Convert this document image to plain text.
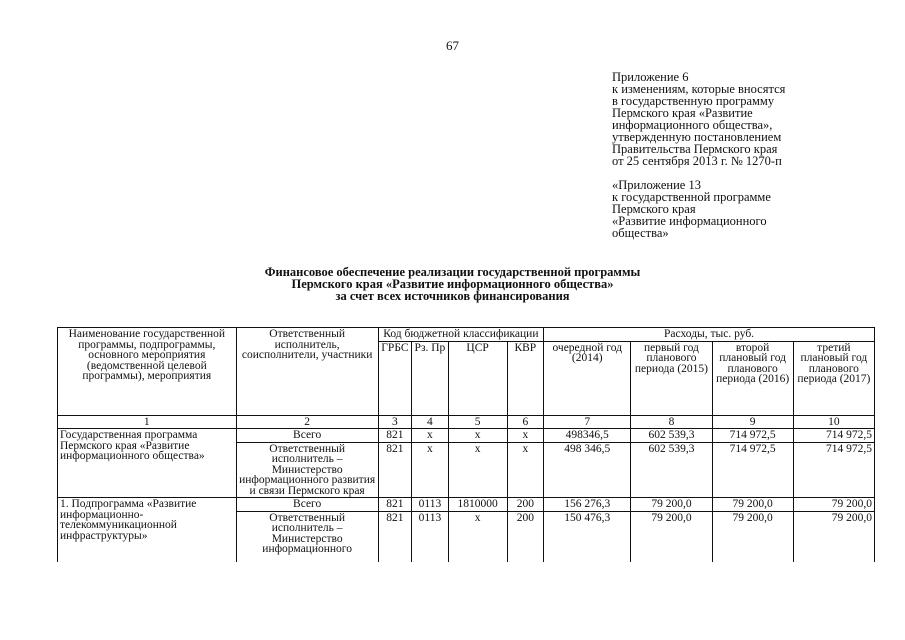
67
Приложение 6
к изменениям, которые вносятся
в государственную программу
Пермского края «Развитие
информационного общества»,
утвержденную постановлением
Правительства Пермского края
от 25 сентября 2013 г. № 1270-п
«Приложение 13
к государственной программе
Пермского края
«Развитие информационного
общества»
Финансовое обеспечение реализации государственной программы
Пермского края «Развитие информационного общества»
за счет всех источников финансирования
Наименование государственной программы, подпрограммы, основного мероприятия (ведомственной целевой программы), мероприятия	Ответственный исполнитель, соисполнители, участники	Код бюджетной классификации				Расходы, тыс. руб.			
		ГРБС	Рз. Пр	ЦСР	КВР	очередной год (2014)	первый год планового периода (2015)	второй плановый год планового периода (2016)	третий плановый год планового периода (2017)
1	2	3	4	5	6	7	8	9	10
Государственная программа Пермского края «Развитие информационного общества»	Всего	821	х	х	х	498346,5	602 539,3	714 972,5	714 972,5
	Ответственный исполнитель – Министерство информационного развития и связи Пермского края	821	х	х	х	498 346,5	602 539,3	714 972,5	714 972,5
1. Подпрограмма «Развитие информационно-телекоммуникационной инфраструктуры»	Всего	821	0113	1810000	200	156 276,3	79 200,0	79 200,0	79 200,0
	Ответственный исполнитель – Министерство информационного	821	0113	х	200	150 476,3	79 200,0	79 200,0	79 200,0
